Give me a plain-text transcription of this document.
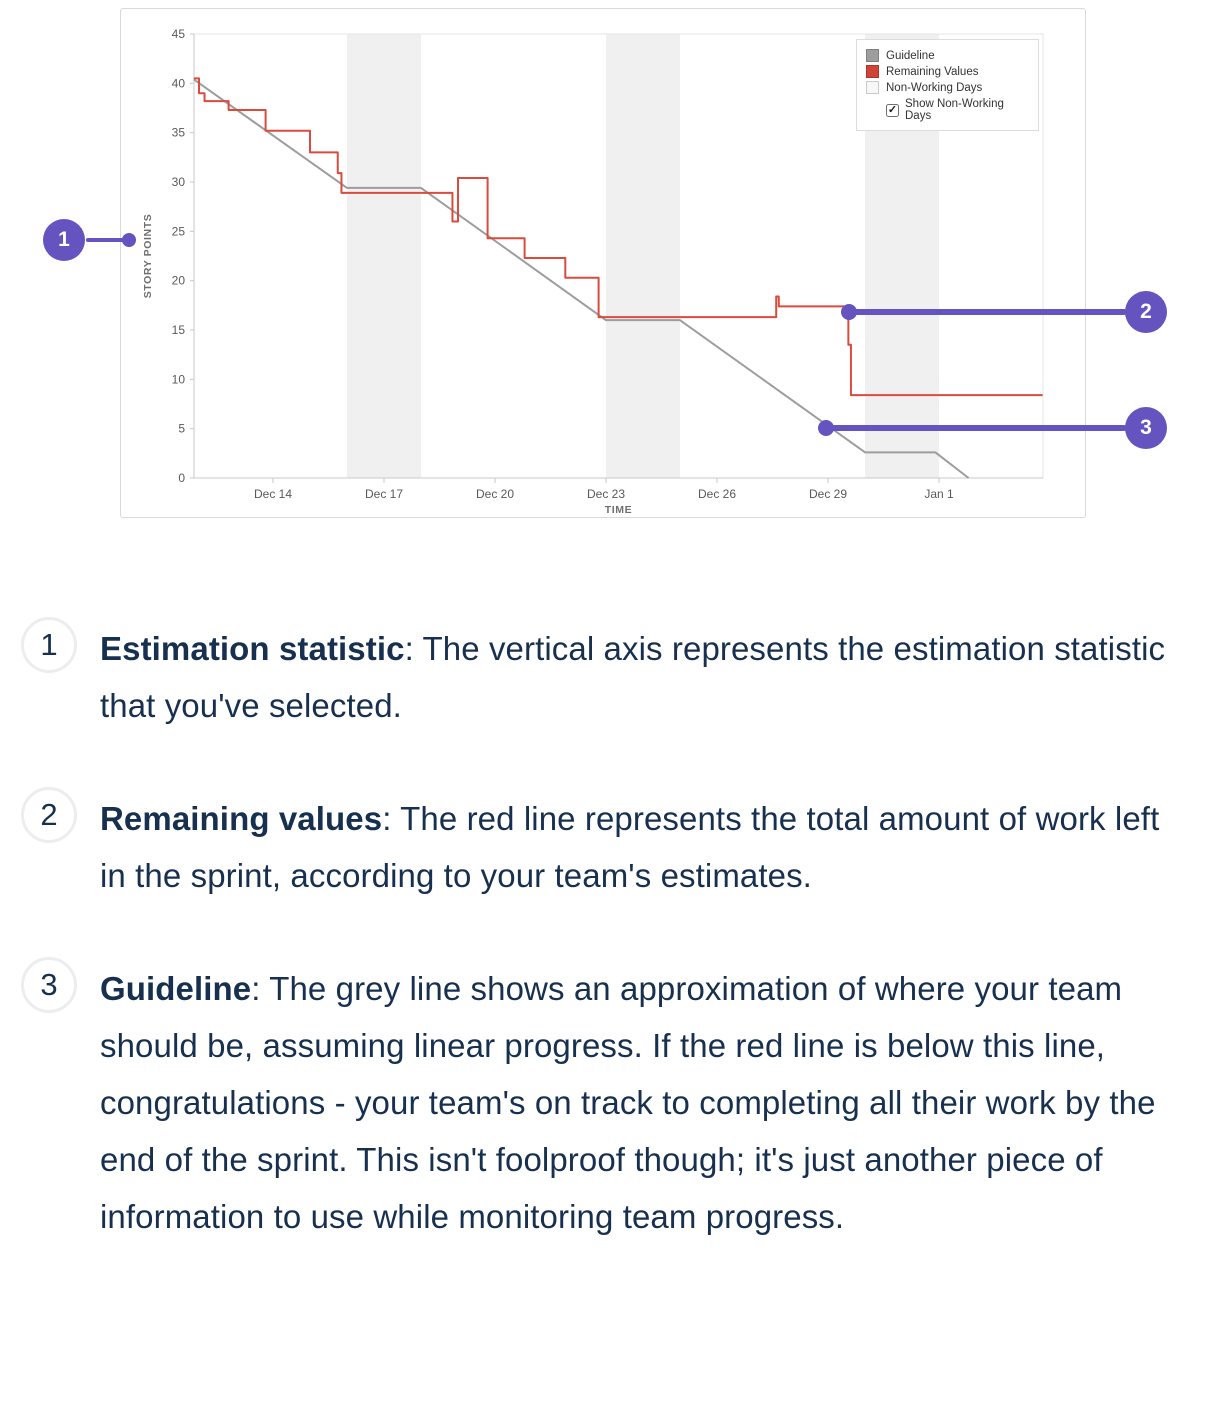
0
5
10
15
20
25
30
35
40
45
Dec 14	Dec 17	Dec 20	Dec 23	Dec 26	Dec 29	Jan 1
STORY POINTS
TIME
Guideline
Remaining Values
Non-Working Days
✓ Show Non-Working Days
1
2
3
1	Estimation statistic: The vertical axis represents the estimation statistic that you've selected.
2	Remaining values: The red line represents the total amount of work left in the sprint, according to your team's estimates.
3	Guideline: The grey line shows an approximation of where your team should be, assuming linear progress. If the red line is below this line, congratulations - your team's on track to completing all their work by the end of the sprint. This isn't foolproof though; it's just another piece of information to use while monitoring team progress.
